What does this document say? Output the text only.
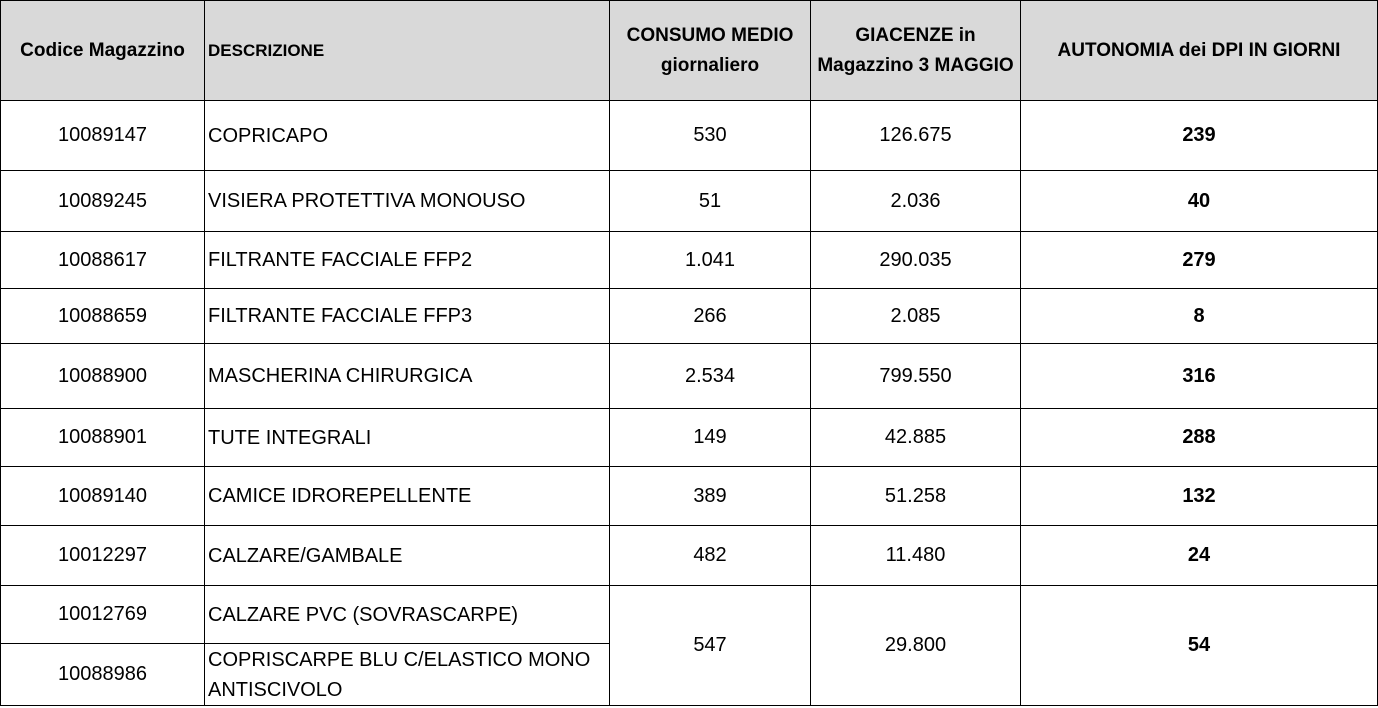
Codice Magazzino	DESCRIZIONE	CONSUMO MEDIO giornaliero	GIACENZE in Magazzino 3 MAGGIO	AUTONOMIA dei DPI IN GIORNI
10089147	COPRICAPO	530	126.675	239
10089245	VISIERA PROTETTIVA MONOUSO	51	2.036	40
10088617	FILTRANTE FACCIALE FFP2	1.041	290.035	279
10088659	FILTRANTE FACCIALE FFP3	266	2.085	8
10088900	MASCHERINA CHIRURGICA	2.534	799.550	316
10088901	TUTE INTEGRALI	149	42.885	288
10089140	CAMICE IDROREPELLENTE	389	51.258	132
10012297	CALZARE/GAMBALE	482	11.480	24
10012769	CALZARE PVC (SOVRASCARPE)	547	29.800	54
10088986	COPRISCARPE BLU C/ELASTICO MONO ANTISCIVOLO			
